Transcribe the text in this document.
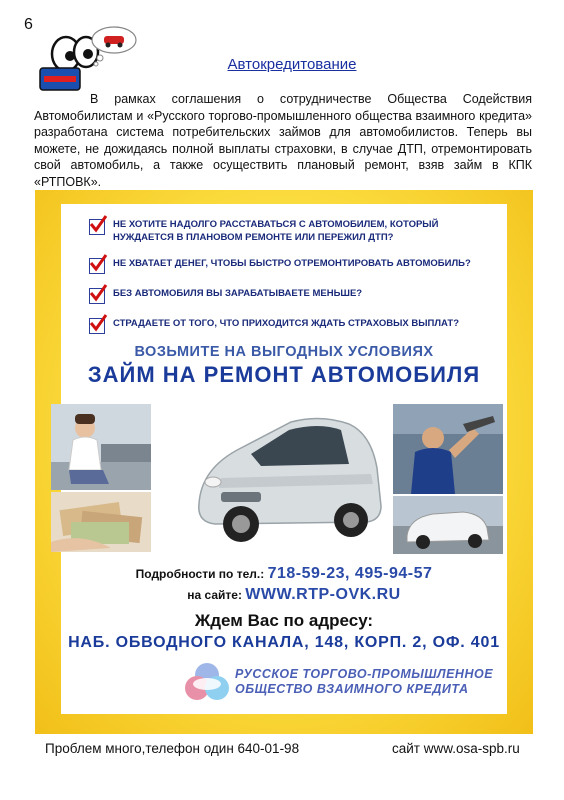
6
Автокредитование

В рамках соглашения о сотрудничестве Общества Содействия Автомобилистам и «Русского торгово-промышленного общества взаимного кредита» разработана система потребительских займов для автомобилистов. Теперь вы можете, не дожидаясь полной выплаты страховки, в случае ДТП, отремонтировать свой автомобиль, а также осуществить плановый ремонт, взяв займ в КПК «РТПОВК».

НЕ ХОТИТЕ НАДОЛГО РАССТАВАТЬСЯ С АВТОМОБИЛЕМ, КОТОРЫЙ НУЖДАЕТСЯ В ПЛАНОВОМ РЕМОНТЕ ИЛИ ПЕРЕЖИЛ ДТП?
НЕ ХВАТАЕТ ДЕНЕГ, ЧТОБЫ БЫСТРО ОТРЕМОНТИРОВАТЬ АВТОМОБИЛЬ?
БЕЗ АВТОМОБИЛЯ ВЫ ЗАРАБАТЫВАЕТЕ МЕНЬШЕ?
СТРАДАЕТЕ ОТ ТОГО, ЧТО ПРИХОДИТСЯ ЖДАТЬ СТРАХОВЫХ ВЫПЛАТ?
ВОЗЬМИТЕ НА ВЫГОДНЫХ УСЛОВИЯХ
ЗАЙМ НА РЕМОНТ АВТОМОБИЛЯ
Подробности по тел.: 718-59-23, 495-94-57
на сайте: WWW.RTP-OVK.RU
Ждем Вас по адресу:
НАБ. ОБВОДНОГО КАНАЛА, 148, КОРП. 2, ОФ. 401
РУССКОЕ ТОРГОВО-ПРОМЫШЛЕННОЕ
ОБЩЕСТВО ВЗАИМНОГО КРЕДИТА
Проблем много,телефон один 640-01-98	сайт www.osa-spb.ru
